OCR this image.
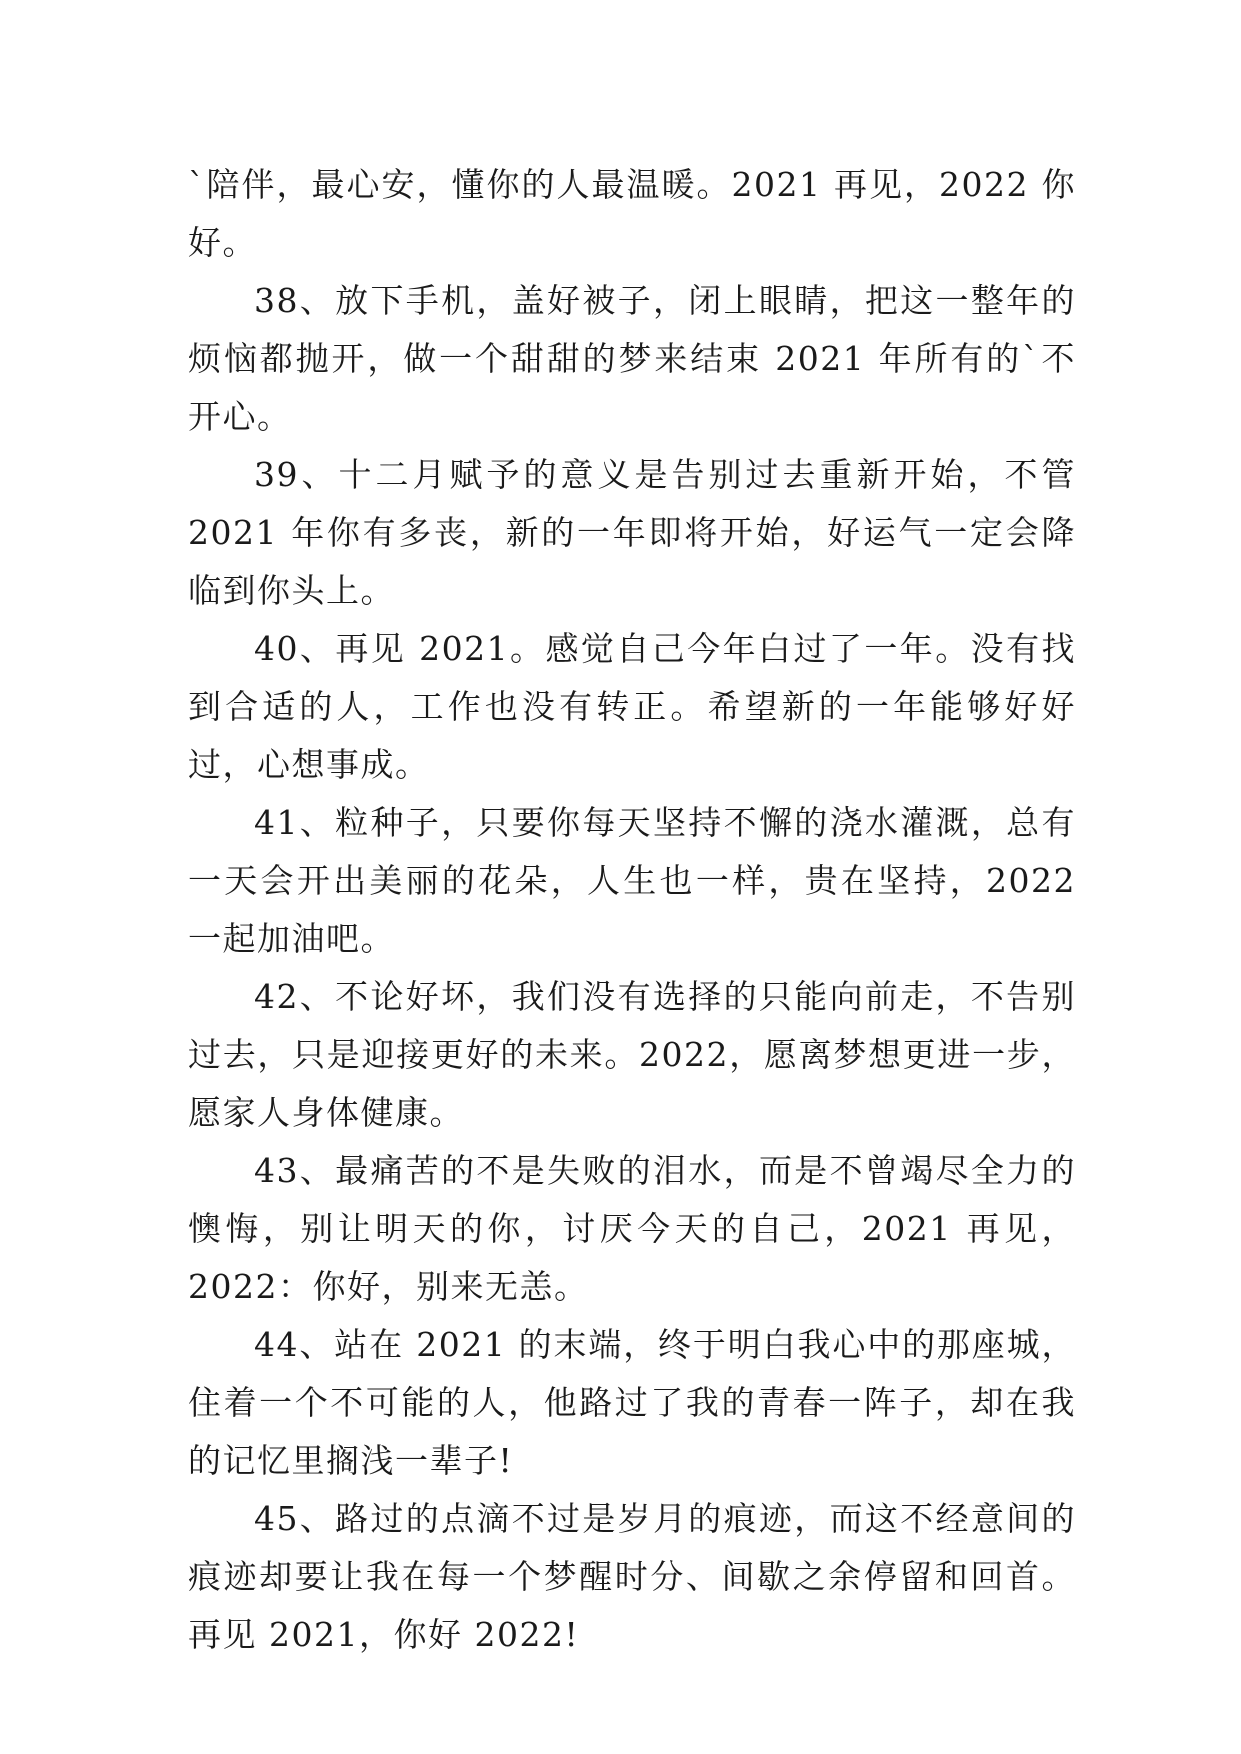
`陪伴，最心安，懂你的人最温暖。2021 再见，2022 你好。

38、放下手机，盖好被子，闭上眼睛，把这一整年的烦恼都抛开，做一个甜甜的梦来结束 2021 年所有的`不开心。

39、十二月赋予的意义是告别过去重新开始，不管 2021 年你有多丧，新的一年即将开始，好运气一定会降临到你头上。

40、再见 2021。感觉自己今年白过了一年。没有找到合适的人，工作也没有转正。希望新的一年能够好好过，心想事成。

41、粒种子，只要你每天坚持不懈的浇水灌溉，总有一天会开出美丽的花朵，人生也一样，贵在坚持，2022 一起加油吧。

42、不论好坏，我们没有选择的只能向前走，不告别过去，只是迎接更好的未来。2022，愿离梦想更进一步，愿家人身体健康。

43、最痛苦的不是失败的泪水，而是不曾竭尽全力的懊悔，别让明天的你，讨厌今天的自己，2021 再见，2022：你好，别来无恙。

44、站在 2021 的末端，终于明白我心中的那座城，住着一个不可能的人，他路过了我的青春一阵子，却在我的记忆里搁浅一辈子!

45、路过的点滴不过是岁月的痕迹，而这不经意间的痕迹却要让我在每一个梦醒时分、间歇之余停留和回首。再见 2021，你好 2022!
